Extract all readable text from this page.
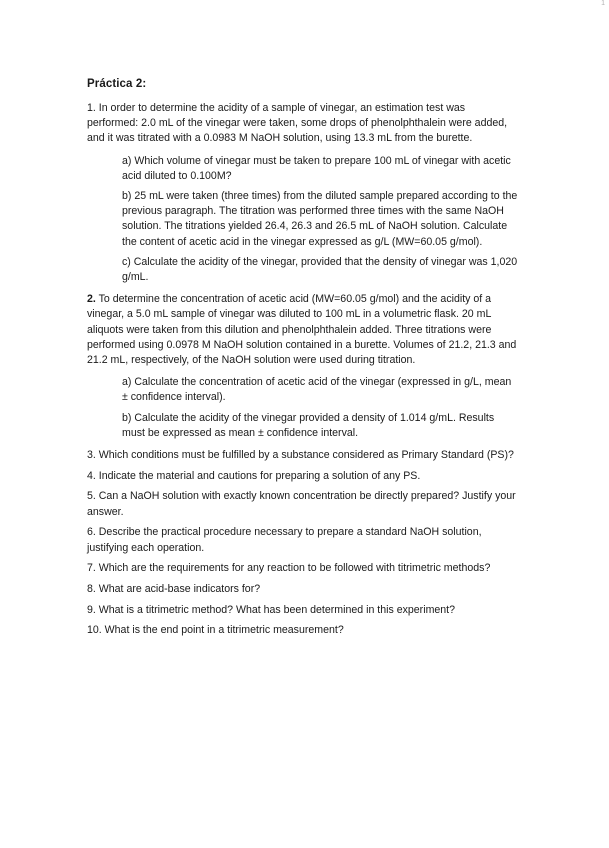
1
Práctica 2:

1. In order to determine the acidity of a sample of vinegar, an estimation test was performed: 2.0 mL of the vinegar were taken, some drops of phenolphthalein were added, and it was titrated with a 0.0983 M NaOH solution, using 13.3 mL from the burette.

a) Which volume of vinegar must be taken to prepare 100 mL of vinegar with acetic acid diluted to 0.100M?

b) 25 mL were taken (three times) from the diluted sample prepared according to the previous paragraph. The titration was performed three times with the same NaOH solution. The titrations yielded 26.4, 26.3 and 26.5 mL of NaOH solution. Calculate the content of acetic acid in the vinegar expressed as g/L (MW=60.05 g/mol).

c) Calculate the acidity of the vinegar, provided that the density of vinegar was 1,020 g/mL.

2. To determine the concentration of acetic acid (MW=60.05 g/mol) and the acidity of a vinegar, a 5.0 mL sample of vinegar was diluted to 100 mL in a volumetric flask. 20 mL aliquots were taken from this dilution and phenolphthalein added. Three titrations were performed using 0.0978 M NaOH solution contained in a burette. Volumes of 21.2, 21.3 and 21.2 mL, respectively, of the NaOH solution were used during titration.

a) Calculate the concentration of acetic acid of the vinegar (expressed in g/L, mean ± confidence interval).

b) Calculate the acidity of the vinegar provided a density of 1.014 g/mL. Results must be expressed as mean ± confidence interval.

3. Which conditions must be fulfilled by a substance considered as Primary Standard (PS)?

4. Indicate the material and cautions for preparing a solution of any PS.

5. Can a NaOH solution with exactly known concentration be directly prepared? Justify your answer.

6. Describe the practical procedure necessary to prepare a standard NaOH solution, justifying each operation.

7. Which are the requirements for any reaction to be followed with titrimetric methods?

8. What are acid-base indicators for?

9. What is a titrimetric method? What has been determined in this experiment?

10. What is the end point in a titrimetric measurement?
